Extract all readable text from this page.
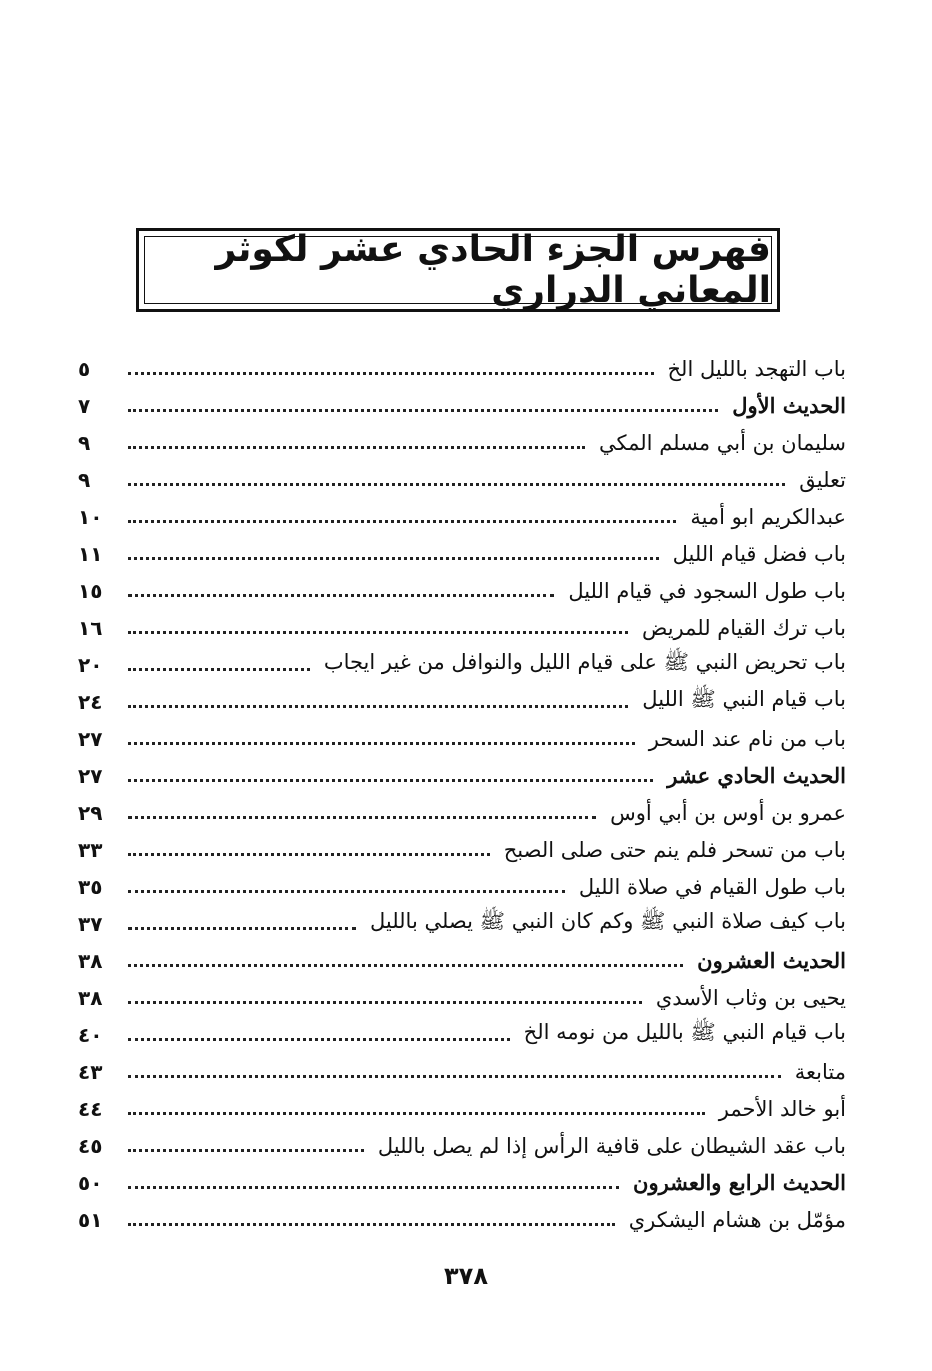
فهرس الجزء الحادي عشر لكوثر المعاني الدراري
باب التهجد بالليل الخ
٥
الحديث الأول
٧
سليمان بن أبي مسلم المكي
٩
تعليق
٩
عبدالكريم ابو أمية
١٠
باب فضل قيام الليل
١١
باب طول السجود في قيام الليل
١٥
باب ترك القيام للمريض
١٦
باب تحريض النبي ﷺ على قيام الليل والنوافل من غير ايجاب
٢٠
باب قيام النبي ﷺ الليل
٢٤
باب من نام عند السحر
٢٧
الحديث الحادي عشر
٢٧
عمرو بن أوس بن أبي أوس
٢٩
باب من تسحر فلم ينم حتى صلى الصبح
٣٣
باب طول القيام في صلاة الليل
٣٥
باب كيف صلاة النبي ﷺ وكم كان النبي ﷺ يصلي بالليل
٣٧
الحديث العشرون
٣٨
يحيى بن وثاب الأسدي
٣٨
باب قيام النبي ﷺ بالليل من نومه الخ
٤٠
متابعة
٤٣
أبو خالد الأحمر
٤٤
باب عقد الشيطان على قافية الرأس إذا لم يصل بالليل
٤٥
الحديث الرابع والعشرون
٥٠
مؤمّل بن هشام اليشكري
٥١
٣٧٨
